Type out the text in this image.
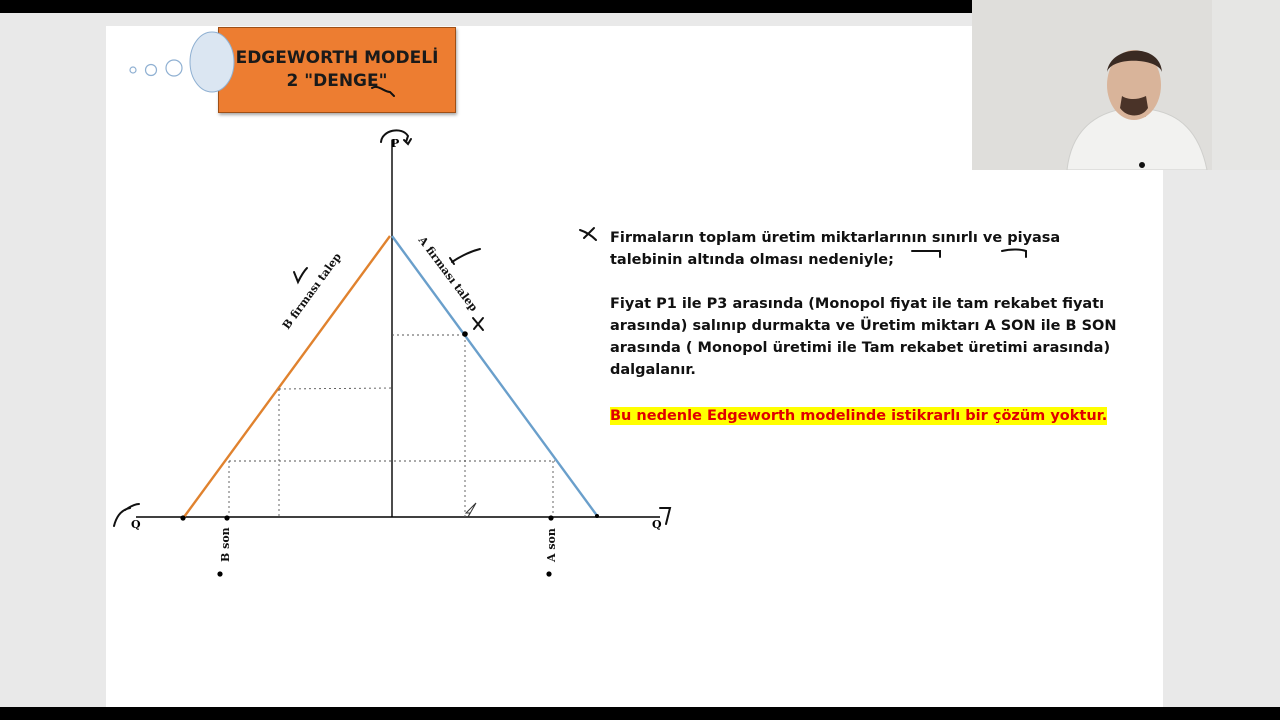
EDGEWORTH MODELİ
2 "DENGE"
P
Q	Q
B firması talep	A firması talep
B son	A son
Firmaların toplam üretim miktarlarının sınırlı ve piyasa talebinin altında olması nedeniyle;
Fiyat P1 ile P3 arasında (Monopol fiyat ile tam rekabet fiyatı arasında) salınıp durmakta ve Üretim miktarı A SON ile B SON arasında ( Monopol üretimi ile Tam rekabet üretimi arasında) dalgalanır.
Bu nedenle Edgeworth modelinde istikrarlı bir çözüm yoktur.
